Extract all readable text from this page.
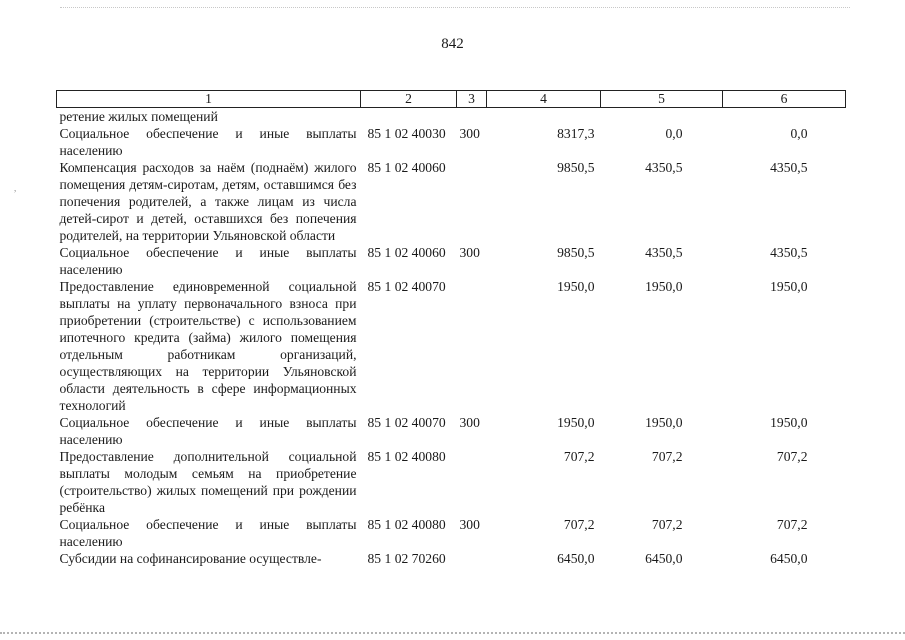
842
,
1	2	3	4	5	6
ретение жилых помещений					
Социальное обеспечение и иные выплаты населению	85 1 02 40030	300	8317,3	0,0	0,0
Компенсация расходов за наём (поднаём) жилого помещения детям-сиротам, детям, оставшимся без попечения родителей, а также лицам из числа детей-сирот и детей, оставшихся без попечения родителей, на территории Ульяновской области	85 1 02 40060		9850,5	4350,5	4350,5
Социальное обеспечение и иные выплаты населению	85 1 02 40060	300	9850,5	4350,5	4350,5
Предоставление единовременной социальной выплаты на уплату первоначального взноса при приобретении (строительстве) с использованием ипотечного кредита (займа) жилого помещения отдельным работникам организаций, осуществляющих на территории Ульяновской области деятельность в сфере информационных технологий	85 1 02 40070		1950,0	1950,0	1950,0
Социальное обеспечение и иные выплаты населению	85 1 02 40070	300	1950,0	1950,0	1950,0
Предоставление дополнительной социальной выплаты молодым семьям на приобретение (строительство) жилых помещений при рождении ребёнка	85 1 02 40080		707,2	707,2	707,2
Социальное обеспечение и иные выплаты населению	85 1 02 40080	300	707,2	707,2	707,2
Субсидии на софинансирование осуществле-	85 1 02 70260		6450,0	6450,0	6450,0
